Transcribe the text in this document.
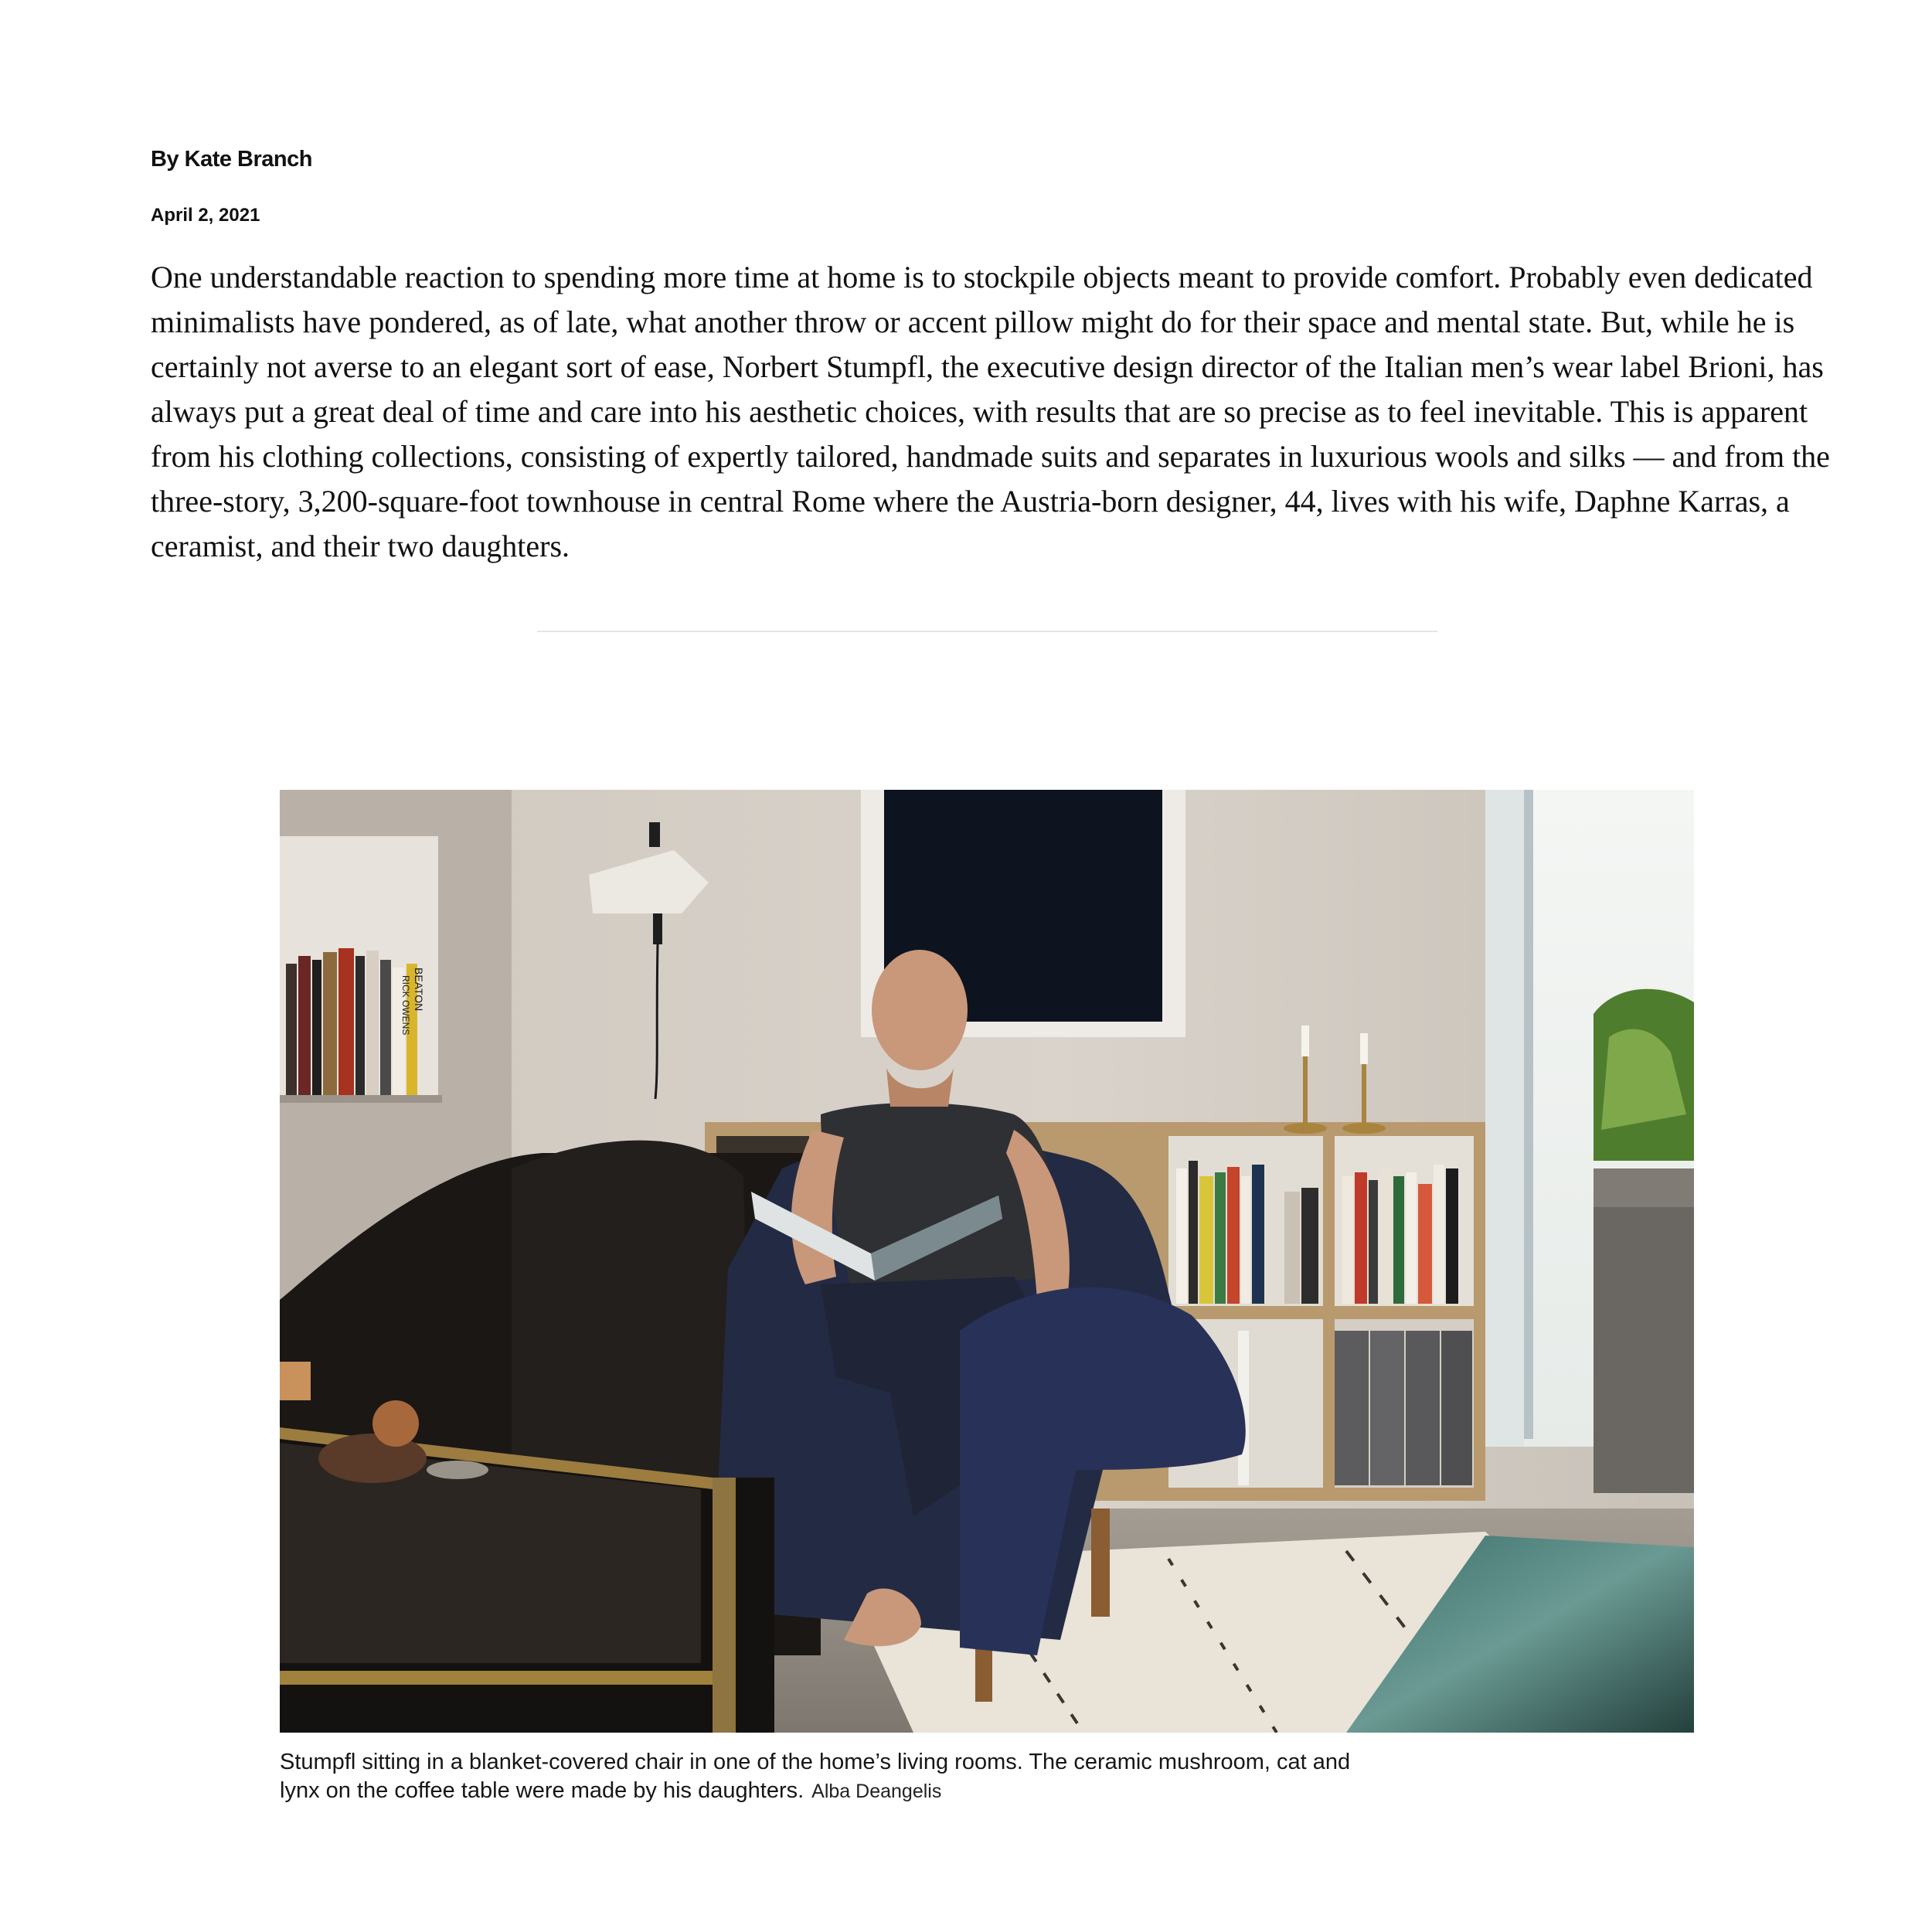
By Kate Branch
April 2, 2021

One understandable reaction to spending more time at home is to stockpile objects meant to provide comfort. Probably even dedicated minimalists have pondered, as of late, what another throw or accent pillow might do for their space and mental state. But, while he is certainly not averse to an elegant sort of ease, Norbert Stumpfl, the executive design director of the Italian men’s wear label Brioni, has always put a great deal of time and care into his aesthetic choices, with results that are so precise as to feel inevitable. This is apparent from his clothing collections, consisting of expertly tailored, handmade suits and separates in luxurious wools and silks — and from the three-story, 3,200-square-foot townhouse in central Rome where the Austria-born designer, 44, lives with his wife, Daphne Karras, a ceramist, and their two daughters.

BEATON
RICK OWENS
Stumpfl sitting in a blanket-covered chair in one of the home’s living rooms. The ceramic mushroom, cat and lynx on the coffee table were made by his daughters. Alba Deangelis
